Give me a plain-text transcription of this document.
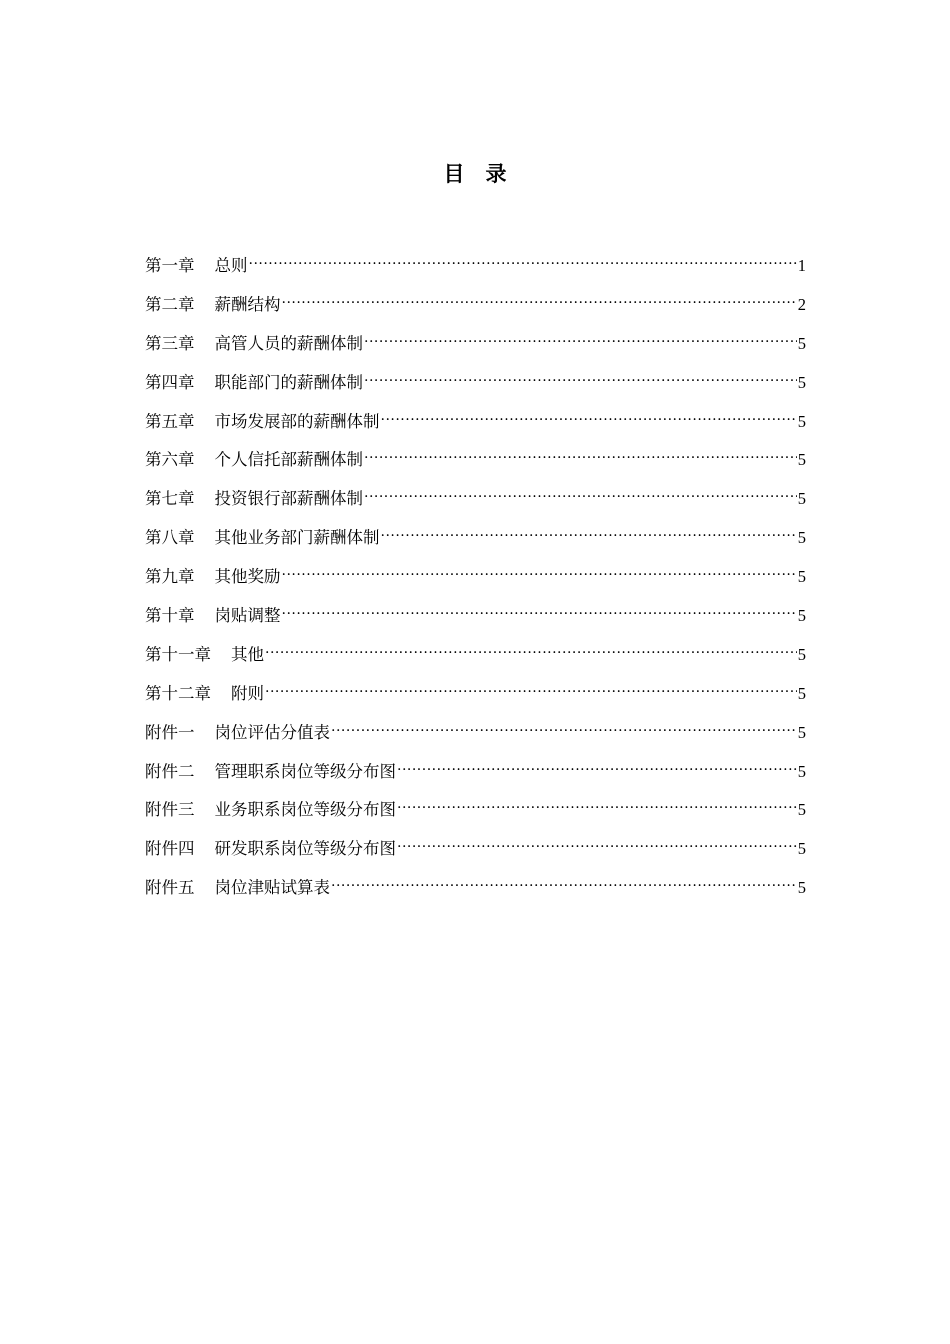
目　录
第一章 总则 .....	1
第二章 薪酬结构 .....	2
第三章 高管人员的薪酬体制 .....	5
第四章 职能部门的薪酬体制 .....	5
第五章 市场发展部的薪酬体制 .....	5
第六章 个人信托部薪酬体制 .....	5
第七章 投资银行部薪酬体制 .....	5
第八章 其他业务部门薪酬体制 .....	5
第九章 其他奖励 .....	5
第十章 岗贴调整 .....	5
第十一章 其他 .....	5
第十二章 附则 .....	5
附件一 岗位评估分值表 .....	5
附件二 管理职系岗位等级分布图 .....	5
附件三 业务职系岗位等级分布图 .....	5
附件四 研发职系岗位等级分布图 .....	5
附件五 岗位津贴试算表 .....	5
